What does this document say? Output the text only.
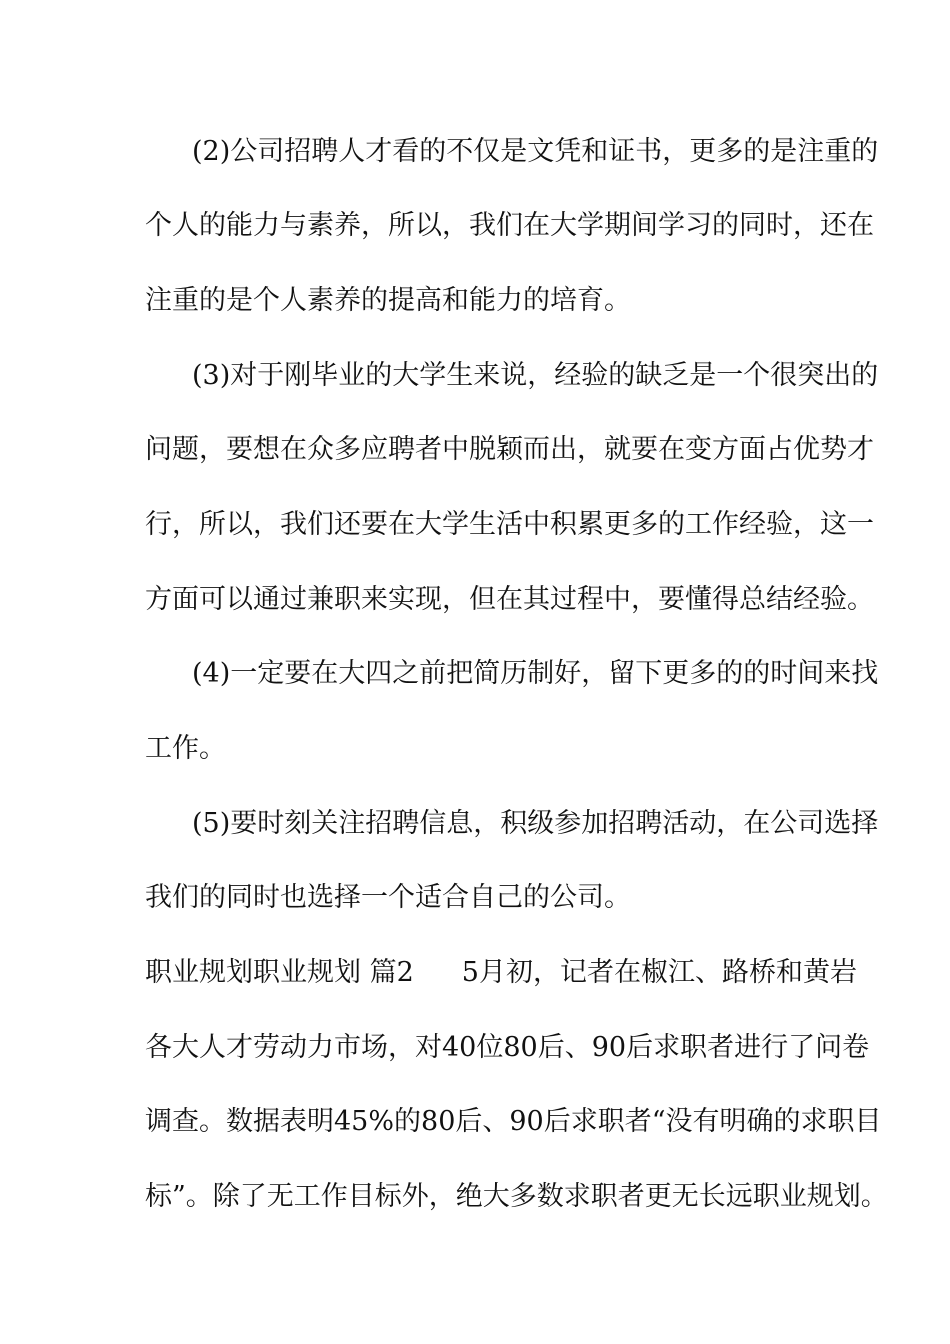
(2)公司招聘人才看的不仅是文凭和证书，更多的是注重的
个人的能力与素养，所以，我们在大学期间学习的同时，还在
注重的是个人素养的提高和能力的培育。
(3)对于刚毕业的大学生来说，经验的缺乏是一个很突出的
问题，要想在众多应聘者中脱颖而出，就要在变方面占优势才
行，所以，我们还要在大学生活中积累更多的工作经验，这一
方面可以通过兼职来实现，但在其过程中，要懂得总结经验。
(4)一定要在大四之前把简历制好，留下更多的的时间来找
工作。
(5)要时刻关注招聘信息，积级参加招聘活动，在公司选择
我们的同时也选择一个适合自己的公司。
职业规划职业规划 篇2 5月初，记者在椒江、路桥和黄岩
各大人才劳动力市场，对40位80后、90后求职者进行了问卷
调查。数据表明45%的80后、90后求职者“没有明确的求职目
标”。除了无工作目标外，绝大多数求职者更无长远职业规划。
